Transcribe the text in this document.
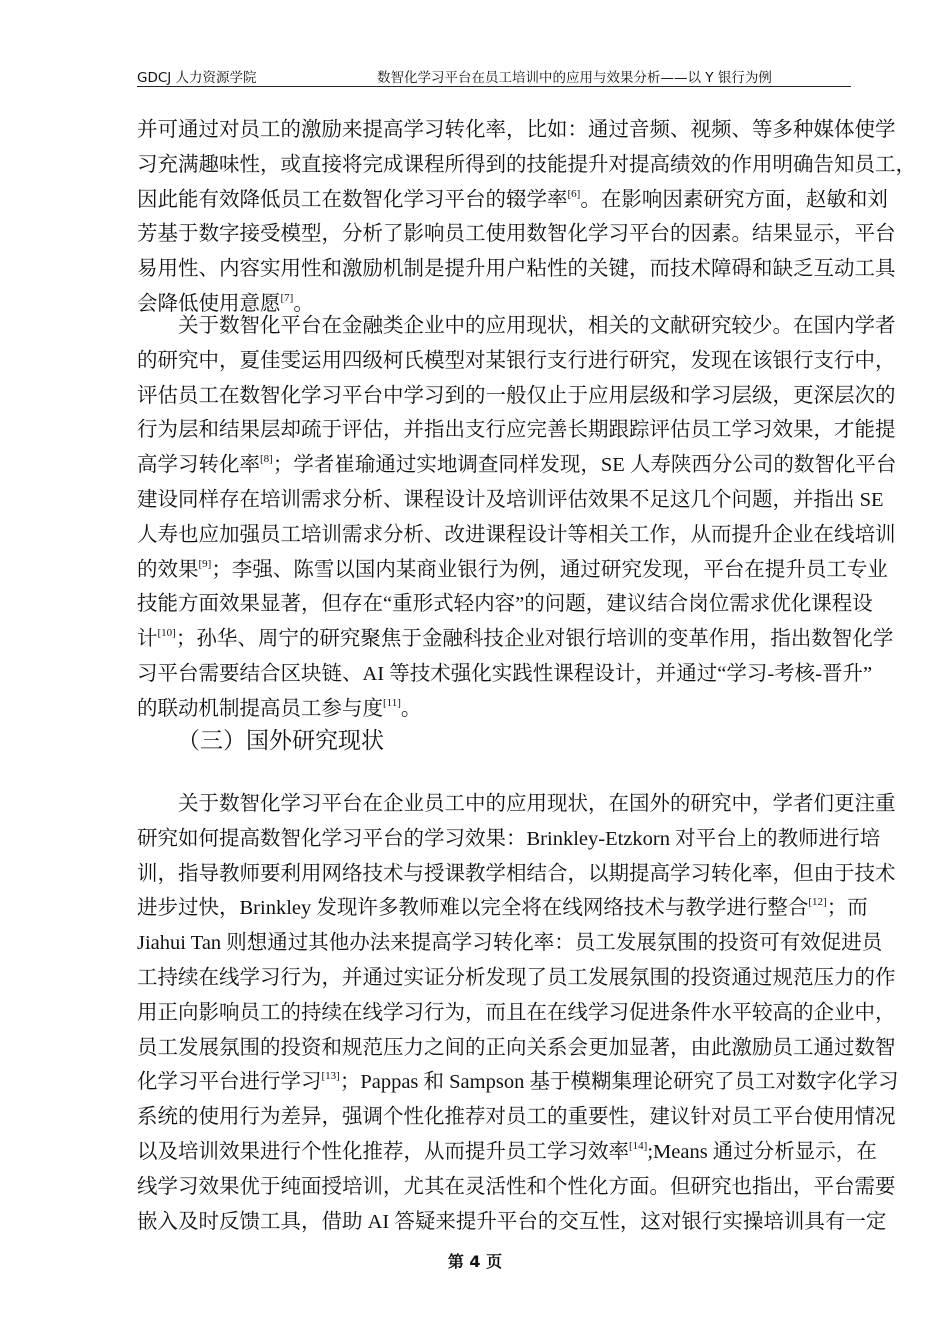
GDCJ 人力资源学院	数智化学习平台在员工培训中的应用与效果分析——以 Y 银行为例
并可通过对员工的激励来提高学习转化率，比如：通过音频、视频、等多种媒体使学
习充满趣味性，或直接将完成课程所得到的技能提升对提高绩效的作用明确告知员工，
因此能有效降低员工在数智化学习平台的辍学率[6]。在影响因素研究方面，赵敏和刘
芳基于数字接受模型，分析了影响员工使用数智化学习平台的因素。结果显示，平台
易用性、内容实用性和激励机制是提升用户粘性的关键，而技术障碍和缺乏互动工具
会降低使用意愿[7]。
关于数智化平台在金融类企业中的应用现状，相关的文献研究较少。在国内学者
的研究中，夏佳雯运用四级柯氏模型对某银行支行进行研究，发现在该银行支行中，
评估员工在数智化学习平台中学习到的一般仅止于应用层级和学习层级，更深层次的
行为层和结果层却疏于评估，并指出支行应完善长期跟踪评估员工学习效果，才能提
高学习转化率[8]；学者崔瑜通过实地调查同样发现，SE 人寿陕西分公司的数智化平台
建设同样存在培训需求分析、课程设计及培训评估效果不足这几个问题，并指出 SE
人寿也应加强员工培训需求分析、改进课程设计等相关工作，从而提升企业在线培训
的效果[9]；李强、陈雪以国内某商业银行为例，通过研究发现，平台在提升员工专业
技能方面效果显著，但存在“重形式轻内容”的问题，建议结合岗位需求优化课程设
计[10]；孙华、周宁的研究聚焦于金融科技企业对银行培训的变革作用，指出数智化学
习平台需要结合区块链、AI 等技术强化实践性课程设计，并通过“学习-考核-晋升”
的联动机制提高员工参与度[11]。
（三）国外研究现状
关于数智化学习平台在企业员工中的应用现状，在国外的研究中，学者们更注重
研究如何提高数智化学习平台的学习效果：Brinkley-Etzkorn 对平台上的教师进行培
训，指导教师要利用网络技术与授课教学相结合，以期提高学习转化率，但由于技术
进步过快，Brinkley 发现许多教师难以完全将在线网络技术与教学进行整合[12]；而
Jiahui Tan 则想通过其他办法来提高学习转化率：员工发展氛围的投资可有效促进员
工持续在线学习行为，并通过实证分析发现了员工发展氛围的投资通过规范压力的作
用正向影响员工的持续在线学习行为，而且在在线学习促进条件水平较高的企业中，
员工发展氛围的投资和规范压力之间的正向关系会更加显著，由此激励员工通过数智
化学习平台进行学习[13]；Pappas 和 Sampson 基于模糊集理论研究了员工对数字化学习
系统的使用行为差异，强调个性化推荐对员工的重要性，建议针对员工平台使用情况
以及培训效果进行个性化推荐，从而提升员工学习效率[14];Means 通过分析显示，在
线学习效果优于纯面授培训，尤其在灵活性和个性化方面。但研究也指出，平台需要
嵌入及时反馈工具，借助 AI 答疑来提升平台的交互性，这对银行实操培训具有一定
第 4 页
